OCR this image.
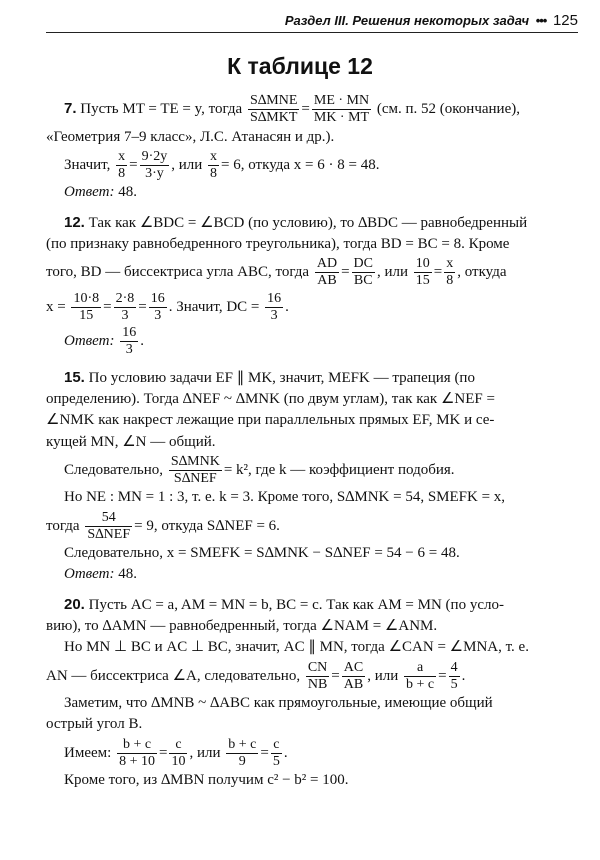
Раздел III. Решения некоторых задач ••• 125
К таблице 12
7. Пусть MT = TE = y, тогда $\frac{\text{S∆MNE}}{\text{S∆MKT}} = \frac{ME \cdot MN}{MK \cdot MT} (см$. п. 52 (окончание),
«Геометрия 7–9 класс», Л.С. Атанасян и др.).
Значит, $\frac{x}{8} = \frac{9\cdot 2y}{3\cdot y}$ , или $\frac{x}{8} = 6$, откуда x = 6 · 8 = 48.
Ответ: 48.
12. Так как ∠BDC = ∠BCD (по условию), то ∆BDC — равнобедренный
(по признаку равнобедренного треугольника), тогда BD = BC = 8. Кроме
того, BD — биссектриса угла ABC, тогда $\frac{AD}{AB} = \frac{DC}{BC}$ , или $\frac{10}{15} = \frac{x}{8}$ , откуда
$x = \frac{10\cdot 8}{15} = \frac{2\cdot 8}{3} = \frac{16}{3}$ . Значит, DC = $\frac{16}{3}$ .
Ответ: $\frac{16}{3}$ .
15. По условию задачи EF ∥ MK, значит, MEFK — трапеция (по
определению). Тогда ∆NEF ~ ∆MNK (по двум углам), так как ∠NEF =
∠NMK как накрест лежащие при параллельных прямых EF, MK и се-
кущей MN, ∠N — общий.
Следовательно, $\frac{\text{S∆MNK}}{\text{S∆NEF}} = k^2$, где k — коэффициент подобия.
Но NE : MN = 1 : 3, т. е. k = 3. Кроме того, S∆MNK = 54, SMEFK = x,
тогда $\frac{54}{\text{S∆NEF}} = 9$, откуда S∆NEF = 6.
Следовательно, x = SMEFK = S∆MNK − S∆NEF = 54 − 6 = 48.
Ответ: 48.
20. Пусть AC = a, AM = MN = b, BC = c. Так как AM = MN (по усло-
вию), то ∆AMN — равнобедренный, тогда ∠NAM = ∠ANM.
Но MN ⊥ BC и AC ⊥ BC, значит, AC ∥ MN, тогда ∠CAN = ∠MNA, т. е.
AN — биссектриса ∠A, следовательно, $\frac{CN}{NB} = \frac{AC}{AB}$ , или $\frac{a}{b + c} = \frac{4}{5}$ .
Заметим, что ∆MNB ~ ∆ABC как прямоугольные, имеющие общий
острый угол B.
Имеем: $\frac{b + c}{8 + 10} = \frac{c}{10}$ , или $\frac{b + c}{9} = \frac{c}{5}$ .
Кроме того, из ∆MBN получим c² − b² = 100.
